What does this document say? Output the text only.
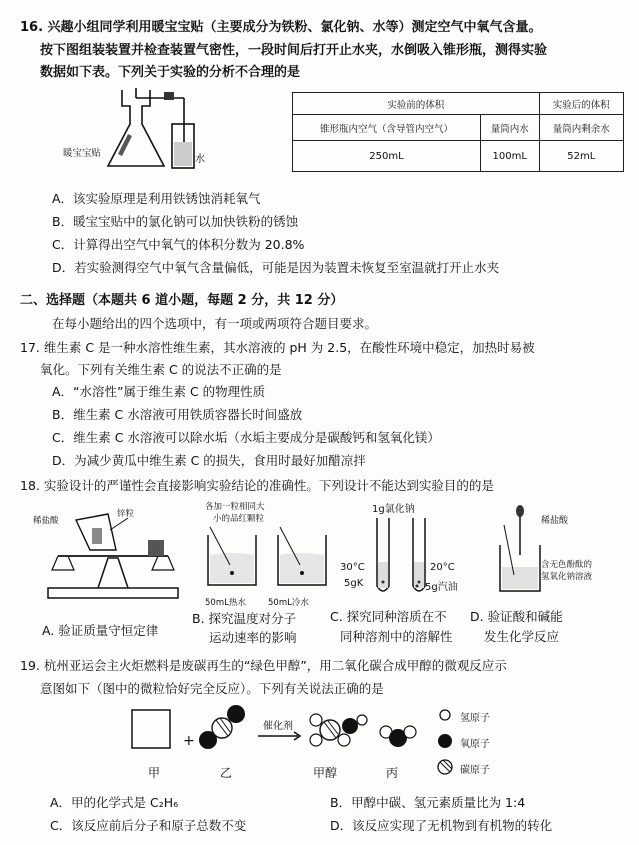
16. 兴趣小组同学利用暖宝宝贴（主要成分为铁粉、氯化钠、水等）测定空气中氧气含量。
按下图组装装置并检查装置气密性，一段时间后打开止水夹，水倒吸入锥形瓶，测得实验
数据如下表。下列关于实验的分析不合理的是
暖宝宝贴
水
实验前的体积		实验后的体积
锥形瓶内空气（含导管内空气）	量筒内水	量筒内剩余水
250mL	100mL	52mL
A．该实验原理是利用铁锈蚀消耗氧气
B．暖宝宝贴中的氯化钠可以加快铁粉的锈蚀
C．计算得出空气中氧气的体积分数为 20.8%
D．若实验测得空气中氧气含量偏低，可能是因为装置未恢复至室温就打开止水夹
二、选择题（本题共 6 道小题，每题 2 分，共 12 分）
在每小题给出的四个选项中，有一项或两项符合题目要求。
17. 维生素 C 是一种水溶性维生素，其水溶液的 pH 为 2.5，在酸性环境中稳定，加热时易被
氧化。下列有关维生素 C 的说法不正确的是
A．“水溶性”属于维生素 C 的物理性质
B．维生素 C 水溶液可用铁质容器长时间盛放
C．维生素 C 水溶液可以除水垢（水垢主要成分是碳酸钙和氢氧化镁）
D．为减少黄瓜中维生素 C 的损失，食用时最好加醋凉拌
18. 实验设计的严谨性会直接影响实验结论的准确性。下列设计不能达到实验目的的是
稀盐酸
锌粒
A. 验证质量守恒定律
各加一粒相同大
小的品红颗粒
50mL热水	50mL冷水
B. 探究温度对分子
运动速率的影响
1g氯化钠
30°C
5gK
20°C
5g汽油
C. 探究同种溶质在不
同种溶剂中的溶解性
稀盐酸
含无色酚酞的
氢氧化钠溶液
D. 验证酸和碱能
发生化学反应
19. 杭州亚运会主火炬燃料是废碳再生的“绿色甲醇”，用二氧化碳合成甲醇的微观反应示
意图如下（图中的微粒恰好完全反应）。下列有关说法正确的是
+
催化剂
甲	乙	甲醇	丙
氢原子
氧原子
碳原子
A．甲的化学式是 C₂H₆	B．甲醇中碳、氢元素质量比为 1:4
C．该反应前后分子和原子总数不变	D．该反应实现了无机物到有机物的转化
